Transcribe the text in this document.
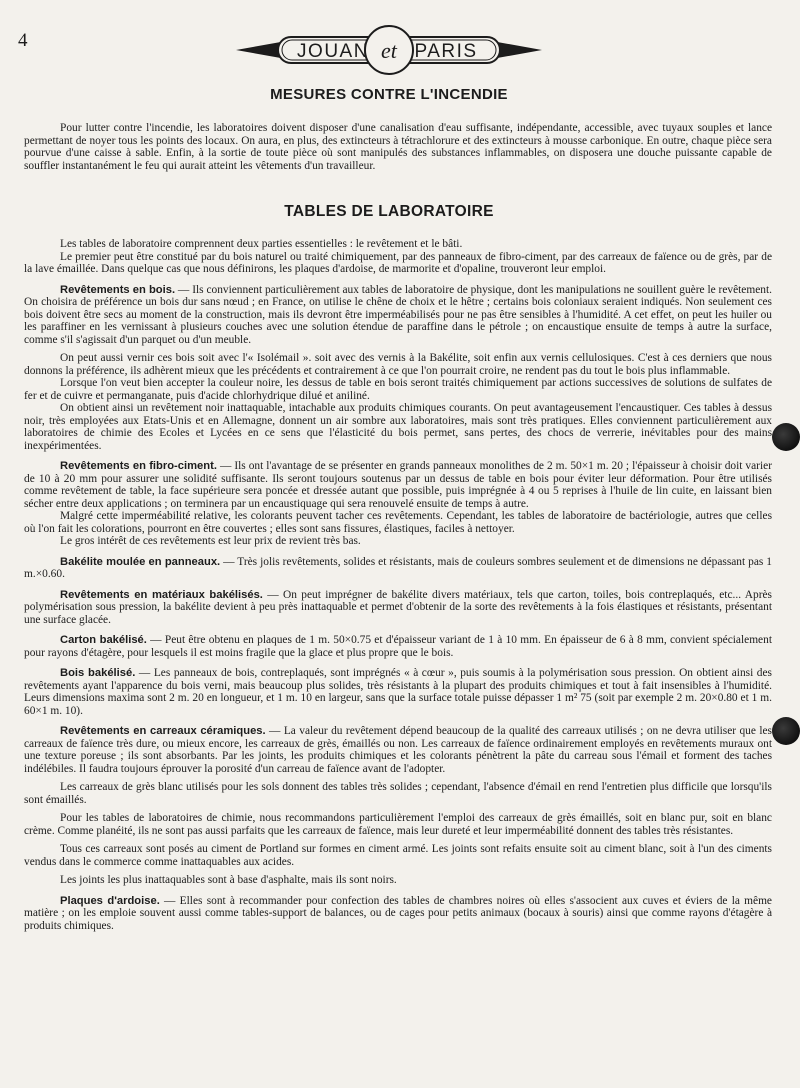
4
JOUAN et PARIS
MESURES CONTRE L'INCENDIE

Pour lutter contre l'incendie, les laboratoires doivent disposer d'une canalisation d'eau suffisante, indépendante, accessible, avec tuyaux souples et lance permettant de noyer tous les points des locaux. On aura, en plus, des extincteurs à tétrachlorure et des extincteurs à mousse carbonique. En outre, chaque pièce sera pourvue d'une caisse à sable. Enfin, à la sortie de toute pièce où sont manipulés des substances inflammables, on disposera une douche puissante capable de souffler instantanément le feu qui aurait atteint les vêtements d'un travailleur.

TABLES DE LABORATOIRE

Les tables de laboratoire comprennent deux parties essentielles : le revêtement et le bâti.

Le premier peut être constitué par du bois naturel ou traité chimiquement, par des panneaux de fibro-ciment, par des carreaux de faïence ou de grès, par de la lave émaillée. Dans quelque cas que nous définirons, les plaques d'ardoise, de marmorite et d'opaline, trouveront leur emploi.

Revêtements en bois. — Ils conviennent particulièrement aux tables de laboratoire de physique, dont les manipulations ne souillent guère le revêtement. On choisira de préférence un bois dur sans nœud ; en France, on utilise le chêne de choix et le hêtre ; certains bois coloniaux seraient indiqués. Non seulement ces bois doivent être secs au moment de la construction, mais ils devront être imperméabilisés pour ne pas être sensibles à l'humidité. A cet effet, on peut les huiler ou les paraffiner en les vernissant à plusieurs couches avec une solution étendue de paraffine dans le pétrole ; on encaustique ensuite de temps à autre la surface, comme s'il s'agissait d'un parquet ou d'un meuble.

On peut aussi vernir ces bois soit avec l'« Isolémail ». soit avec des vernis à la Bakélite, soit enfin aux vernis cellulosiques. C'est à ces derniers que nous donnons la préférence, ils adhèrent mieux que les précédents et contrairement à ce que l'on pourrait croire, ne rendent pas du tout le bois plus inflammable.

Lorsque l'on veut bien accepter la couleur noire, les dessus de table en bois seront traités chimiquement par actions successives de solutions de sulfates de fer et de cuivre et permanganate, puis d'acide chlorhydrique dilué et aniliné.

On obtient ainsi un revêtement noir inattaquable, intachable aux produits chimiques courants. On peut avantageusement l'encaustiquer. Ces tables à dessus noir, très employées aux Etats-Unis et en Allemagne, donnent un air sombre aux laboratoires, mais sont très pratiques. Elles conviennent particulièrement aux laboratoires de chimie des Ecoles et Lycées en ce sens que l'élasticité du bois permet, sans pertes, des chocs de verrerie, inévitables pour des mains inexpérimentées.

Revêtements en fibro-ciment. — Ils ont l'avantage de se présenter en grands panneaux monolithes de 2 m. 50×1 m. 20 ; l'épaisseur à choisir doit varier de 10 à 20 mm pour assurer une solidité suffisante. Ils seront toujours soutenus par un dessus de table en bois pour éviter leur déformation. Pour être utilisés comme revêtement de table, la face supérieure sera poncée et dressée autant que possible, puis imprégnée à 4 ou 5 reprises à l'huile de lin cuite, en laissant bien sécher entre deux applications ; on terminera par un encaustiquage qui sera renouvelé ensuite de temps à autre.

Malgré cette imperméabilité relative, les colorants peuvent tacher ces revêtements. Cependant, les tables de laboratoire de bactériologie, autres que celles où l'on fait les colorations, pourront en être couvertes ; elles sont sans fissures, élastiques, faciles à nettoyer.

Le gros intérêt de ces revêtements est leur prix de revient très bas.

Bakélite moulée en panneaux. — Très jolis revêtements, solides et résistants, mais de couleurs sombres seulement et de dimensions ne dépassant pas 1 m.×0.60.

Revêtements en matériaux bakélisés. — On peut imprégner de bakélite divers matériaux, tels que carton, toiles, bois contreplaqués, etc... Après polymérisation sous pression, la bakélite devient à peu près inattaquable et permet d'obtenir de la sorte des revêtements à la fois élastiques et résistants, présentant une surface glacée.

Carton bakélisé. — Peut être obtenu en plaques de 1 m. 50×0.75 et d'épaisseur variant de 1 à 10 mm. En épaisseur de 6 à 8 mm, convient spécialement pour rayons d'étagère, pour lesquels il est moins fragile que la glace et plus propre que le bois.

Bois bakélisé. — Les panneaux de bois, contreplaqués, sont imprégnés « à cœur », puis soumis à la polymérisation sous pression. On obtient ainsi des revêtements ayant l'apparence du bois verni, mais beaucoup plus solides, très résistants à la plupart des produits chimiques et tout à fait insensibles à l'humidité. Leurs dimensions maxima sont 2 m. 20 en longueur, et 1 m. 10 en largeur, sans que la surface totale puisse dépasser 1 m² 75 (soit par exemple 2 m. 20×0.80 et 1 m. 60×1 m. 10).

Revêtements en carreaux céramiques. — La valeur du revêtement dépend beaucoup de la qualité des carreaux utilisés ; on ne devra utiliser que les carreaux de faïence très dure, ou mieux encore, les carreaux de grès, émaillés ou non. Les carreaux de faïence ordinairement employés en revêtements muraux ont une texture poreuse ; ils sont absorbants. Par les joints, les produits chimiques et les colorants pénètrent la pâte du carreau sous l'émail et forment des taches indélébiles. Il faudra toujours éprouver la porosité d'un carreau de faïence avant de l'adopter.

Les carreaux de grès blanc utilisés pour les sols donnent des tables très solides ; cependant, l'absence d'émail en rend l'entretien plus difficile que lorsqu'ils sont émaillés.

Pour les tables de laboratoires de chimie, nous recommandons particulièrement l'emploi des carreaux de grès émaillés, soit en blanc pur, soit en blanc crème. Comme planéité, ils ne sont pas aussi parfaits que les carreaux de faïence, mais leur dureté et leur imperméabilité donnent des tables très résistantes.

Tous ces carreaux sont posés au ciment de Portland sur formes en ciment armé. Les joints sont refaits ensuite soit au ciment blanc, soit à l'un des ciments vendus dans le commerce comme inattaquables aux acides.

Les joints les plus inattaquables sont à base d'asphalte, mais ils sont noirs.

Plaques d'ardoise. — Elles sont à recommander pour confection des tables de chambres noires où elles s'associent aux cuves et éviers de la même matière ; on les emploie souvent aussi comme tables-support de balances, ou de cages pour petits animaux (bocaux à souris) ainsi que comme rayons d'étagère à produits chimiques.
